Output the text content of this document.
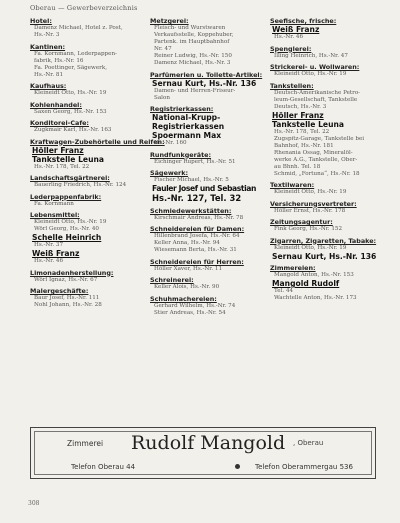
Oberau — Gewerbeverzeichnis
Hotel:
Damenz Michael, Hotel z. Post,
Hs.-Nr. 3
Kantinen:
Fa. Kornmann, Lederpappen-
fabrik, Hs.-Nr. 16
Fa. Poettinger, Sägewerk,
Hs.-Nr. 81
Kaufhaus:
Kleineidt Otto, Hs.-Nr. 19
Kohlenhandel:
Saxen Georg, Hs.-Nr. 153
Konditorei-Cafe:
Zugkmair Karl, Hs.-Nr. 163
Kraftwagen-Zubehörteile und Reifen:
Höller Franz
Tankstelle Leuna
Hs.-Nr. 178, Tel. 22
Landschaftsgärtnerei:
Bauerling Friedrich, Hs.-Nr. 124
Lederpappenfabrik:
Fa. Kornmann
Lebensmittel:
Kleineidt Otto, Hs.-Nr. 19
Wörl Georg, Hs.-Nr. 40
Schelle Heinrich
Hs.-Nr. 37
Weiß Franz
Hs.-Nr. 46
Limonadenherstellung:
Wörl Ignaz, Hs.-Nr. 67
Malergeschäfte:
Baur Josef, Hs.-Nr. 111
Nohl Johann, Hs.-Nr. 28
Metzgerei:
Fleisch- und Wurstwaren
Verkaufsstelle, Koppehuber,
Partenk. im Hauptbahnhof
Nr. 47
Reiner Ludwig, Hs.-Nr. 150
Damenz Michael, Hs.-Nr. 3
Parfümerien u. Toilette-Artikel:
Sernau Kurt, Hs.-Nr. 136
Damen- und Herren-Friseur-
Salon
Registrierkassen:
National-Krupp-
Registrierkassen
Spoermann Max
Hs.-Nr. 160
Rundfunkgeräte:
Eichinger Rupert, Hs.-Nr. 51
Sägewerk:
Fischer Michael, Hs.-Nr. 5
Fauler Josef und Sebastian
Hs.-Nr. 127, Tel. 32
Schmiedewerkstätten:
Kirschmair Andreas, Hs.-Nr. 78
Schneidereien für Damen:
Hillenbrand Josefa, Hs.-Nr. 64
Keller Anna, Hs.-Nr. 94
Wiesemann Berta, Hs.-Nr. 31
Schneidereien für Herren:
Höller Xaver, Hs.-Nr. 11
Schreinerei:
Keller Alois, Hs.-Nr. 90
Schuhmachereien:
Gerhard Wilhelm, Hs.-Nr. 74
Stier Andreas, Hs.-Nr. 54
Seefische, frische:
Weiß Franz
Hs.-Nr. 46
Spenglerei:
Illing Heinrich, Hs.-Nr. 47
Strickerei- u. Wollwaren:
Kleineidt Otto, Hs.-Nr. 19
Tankstellen:
Deutsch-Amerikanische Petro-
leum-Gesellschaft, Tankstelle
Deutsch, Hs.-Nr. 3
Höller Franz
Tankstelle Leuna
Hs.-Nr. 178, Tel. 22
Zugspitz-Garage, Tankstelle bei
Bahnhof, Hs.-Nr. 181
Rhenania Ossag, Mineralöl-
werke A.G., Tankstelle, Ober-
au Bhnh. Tel. 18
Schmid, „Fortuna“, Hs.-Nr. 18
Textilwaren:
Kleineidt Otto, Hs.-Nr. 19
Versicherungsvertreter:
Höller Ernst, Hs.-Nr. 178
Zeitungsagentur:
Fink Georg, Hs.-Nr. 152
Zigarren, Zigaretten, Tabake:
Kleineidt Otto, Hs.-Nr. 19
Sernau Kurt, Hs.-Nr. 136
Zimmereien:
Mangold Anton, Hs.-Nr. 153
Mangold Rudolf
Tel. 44
Wachtelle Anton, Hs.-Nr. 173
Zimmerei Rudolf Mangold , Oberau
Telefon Oberau 44	Telefon Oberammergau 536
308
